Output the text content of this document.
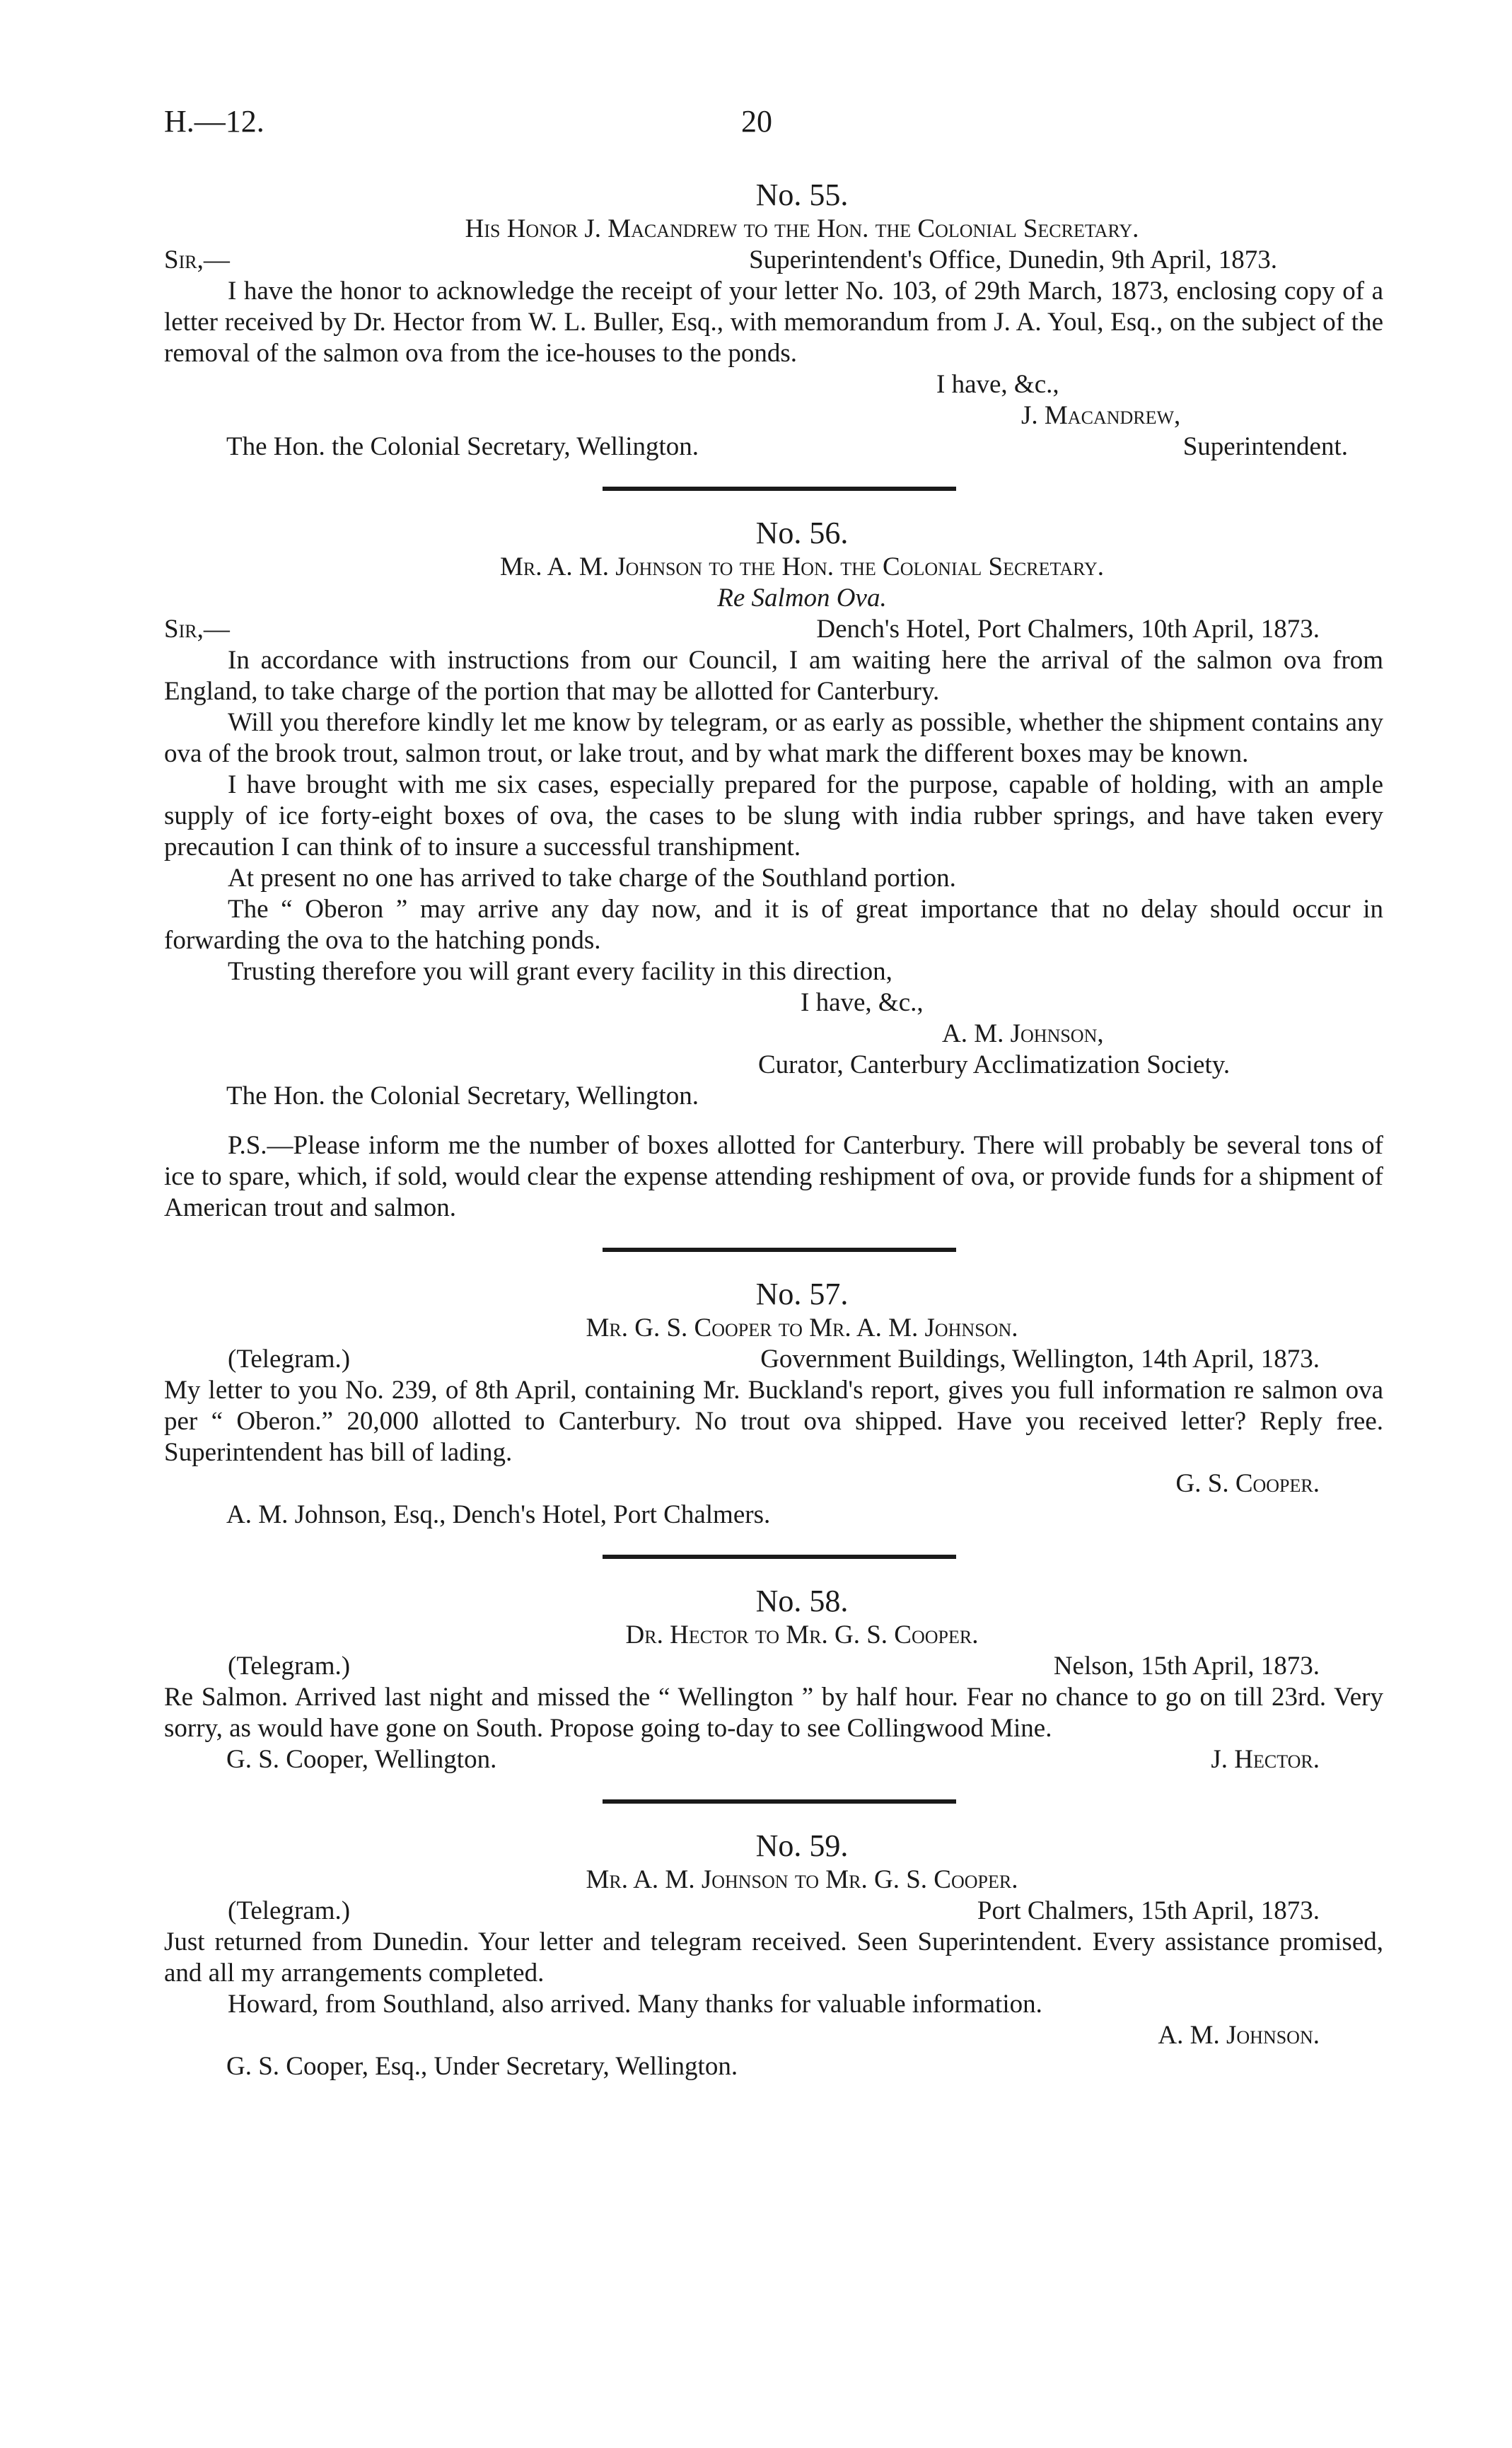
H.—12.	20
No. 55.
His Honor J. Macandrew to the Hon. the Colonial Secretary.
Sir,—	Superintendent's Office, Dunedin, 9th April, 1873.

I have the honor to acknowledge the receipt of your letter No. 103, of 29th March, 1873, enclosing copy of a letter received by Dr. Hector from W. L. Buller, Esq., with memorandum from J. A. Youl, Esq., on the subject of the removal of the salmon ova from the ice-houses to the ponds.

I have, &c.,
J. Macandrew,
The Hon. the Colonial Secretary, Wellington.	Superintendent.
No. 56.
Mr. A. M. Johnson to the Hon. the Colonial Secretary.
Re Salmon Ova.
Sir,—	Dench's Hotel, Port Chalmers, 10th April, 1873.

In accordance with instructions from our Council, I am waiting here the arrival of the salmon ova from England, to take charge of the portion that may be allotted for Canterbury.

Will you therefore kindly let me know by telegram, or as early as possible, whether the shipment contains any ova of the brook trout, salmon trout, or lake trout, and by what mark the different boxes may be known.

I have brought with me six cases, especially prepared for the purpose, capable of holding, with an ample supply of ice forty-eight boxes of ova, the cases to be slung with india rubber springs, and have taken every precaution I can think of to insure a successful transhipment.

At present no one has arrived to take charge of the Southland portion.

The “ Oberon ” may arrive any day now, and it is of great importance that no delay should occur in forwarding the ova to the hatching ponds.

Trusting therefore you will grant every facility in this direction,

I have, &c.,
A. M. Johnson,
Curator, Canterbury Acclimatization Society.
The Hon. the Colonial Secretary, Wellington.

P.S.—Please inform me the number of boxes allotted for Canterbury. There will probably be several tons of ice to spare, which, if sold, would clear the expense attending reshipment of ova, or provide funds for a shipment of American trout and salmon.

No. 57.
Mr. G. S. Cooper to Mr. A. M. Johnson.
(Telegram.)	Government Buildings, Wellington, 14th April, 1873.

My letter to you No. 239, of 8th April, containing Mr. Buckland's report, gives you full information re salmon ova per “ Oberon.” 20,000 allotted to Canterbury. No trout ova shipped. Have you received letter? Reply free. Superintendent has bill of lading.

G. S. Cooper.
A. M. Johnson, Esq., Dench's Hotel, Port Chalmers.
No. 58.
Dr. Hector to Mr. G. S. Cooper.
(Telegram.)	Nelson, 15th April, 1873.

Re Salmon. Arrived last night and missed the “ Wellington ” by half hour. Fear no chance to go on till 23rd. Very sorry, as would have gone on South. Propose going to-day to see Collingwood Mine.

G. S. Cooper, Wellington.	J. Hector.
No. 59.
Mr. A. M. Johnson to Mr. G. S. Cooper.
(Telegram.)	Port Chalmers, 15th April, 1873.

Just returned from Dunedin. Your letter and telegram received. Seen Superintendent. Every assistance promised, and all my arrangements completed.

Howard, from Southland, also arrived. Many thanks for valuable information.

A. M. Johnson.
G. S. Cooper, Esq., Under Secretary, Wellington.
